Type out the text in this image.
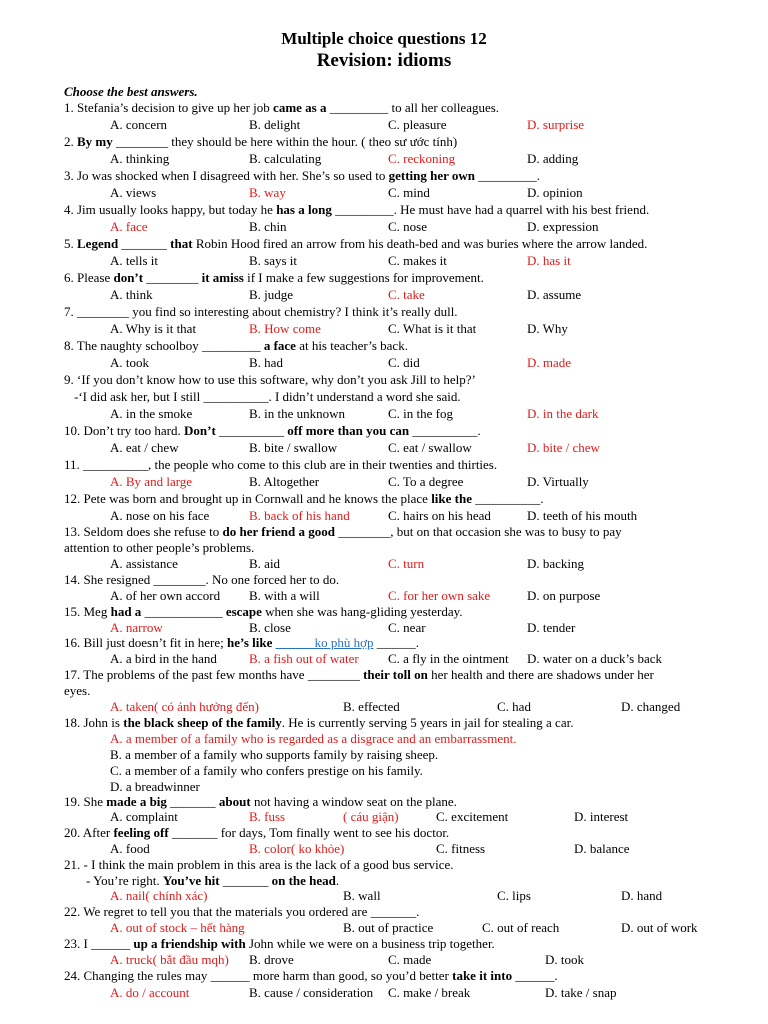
Multiple choice questions 12
Revision: idioms
Choose the best answers.
1. Stefania’s decision to give up her job came as a _________ to all her colleagues.
A. concern	B. delight	C. pleasure	D. surprise
2. By my ________ they should be here within the hour. ( theo sư ước tính)
A. thinking	B. calculating	C. reckoning	D. adding
3. Jo was shocked when I disagreed with her. She’s so used to getting her own _________.
A. views	B. way	C. mind	D. opinion
4. Jim usually looks happy, but today he has a long _________. He must have had a quarrel with his best friend.
A. face	B. chin	C. nose	D. expression
5. Legend _______ that Robin Hood fired an arrow from his death-bed and was buries where the arrow landed.
A. tells it	B. says it	C. makes it	D. has it
6. Please don’t ________ it amiss if I make a few suggestions for improvement.
A. think	B. judge	C. take	D. assume
7. ________ you find so interesting about chemistry? I think it’s really dull.
A. Why is it that	B. How come	C. What is it that	D. Why
8. The naughty schoolboy _________ a face at his teacher’s back.
A. took	B. had	C. did	D. made
9. ‘If you don’t know how to use this software, why don’t you ask Jill to help?’
-‘I did ask her, but I still __________. I didn’t understand a word she said.
A. in the smoke	B. in the unknown	C. in the fog	D. in the dark
10. Don’t try too hard. Don’t __________ off more than you can __________.
A. eat / chew	B. bite / swallow	C. eat / swallow	D. bite / chew
11. __________, the people who come to this club are in their twenties and thirties.
A. By and large	B. Altogether	C. To a degree	D. Virtually
12. Pete was born and brought up in Cornwall and he knows the place like the __________.
A. nose on his face	B. back of his hand	C. hairs on his head	D. teeth of his mouth
13. Seldom does she refuse to do her friend a good ________, but on that occasion she was to busy to pay
attention to other people’s problems.
A. assistance	B. aid	C. turn	D. backing
14. She resigned ________. No one forced her to do.
A. of her own accord B. with a will	C. for her own sake	D. on purpose
15. Meg had a ____________ escape when she was hang-gliding yesterday.
A. narrow	B. close	C. near	D. tender
16. Bill just doesn’t fit in here; he’s like ______ko phù hợp ______.
A. a bird in the hand B. a fish out of water C. a fly in the ointment D. water on a duck’s back
17. The problems of the past few months have ________ their toll on her health and there are shadows under her
eyes.
A. taken( có ảnh hưởng đến)	B. effected	C. had	D. changed
18. John is the black sheep of the family. He is currently serving 5 years in jail for stealing a car.
A. a member of a family who is regarded as a disgrace and an embarrassment.
B. a member of a family who supports family by raising sheep.
C. a member of a family who confers prestige on his family.
D. a breadwinner
19. She made a big _______ about not having a window seat on the plane.
A. complaint	B. fuss	( cáu giận)	C. excitement	D. interest
20. After feeling off _______ for days, Tom finally went to see his doctor.
A. food	B. color( ko khỏe)	C. fitness	D. balance
21. - I think the main problem in this area is the lack of a good bus service.
- You’re right. You’ve hit _______ on the head.
A. nail( chính xác)	B. wall	C. lips	D. hand
22. We regret to tell you that the materials you ordered are _______.
A. out of stock – hết hàng	B. out of practice	C. out of reach	D. out of work
23. I ______ up a friendship with John while we were on a business trip together.
A. truck( bắt đầu mqh) B. drove	C. made	D. took
24. Changing the rules may ______ more harm than good, so you’d better take it into ______.
A. do / account	B. cause / consideration C. make / break	D. take / snap
